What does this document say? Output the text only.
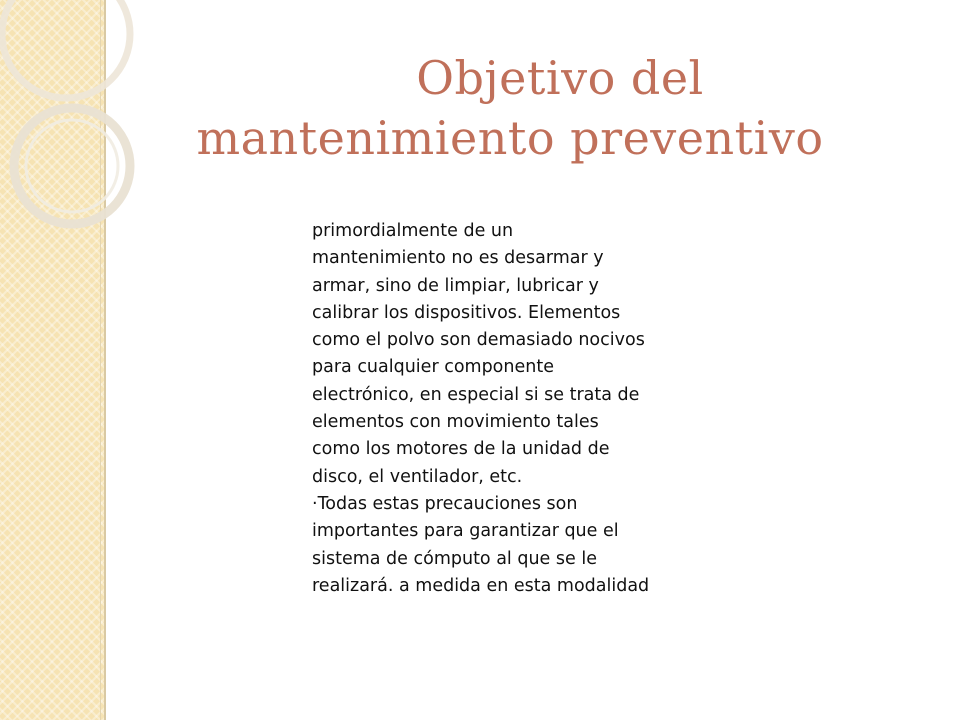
Objetivo del
mantenimiento preventivo

primordialmente de un mantenimiento no es desarmar y armar, sino de limpiar, lubricar y calibrar los dispositivos. Elementos como el polvo son demasiado nocivos para cualquier componente electrónico, en especial si se trata de elementos con movimiento tales como los motores de la unidad de disco, el ventilador, etc.

·Todas estas precauciones son importantes para garantizar que el sistema de cómputo al que se le realizará. a medida en esta modalidad
